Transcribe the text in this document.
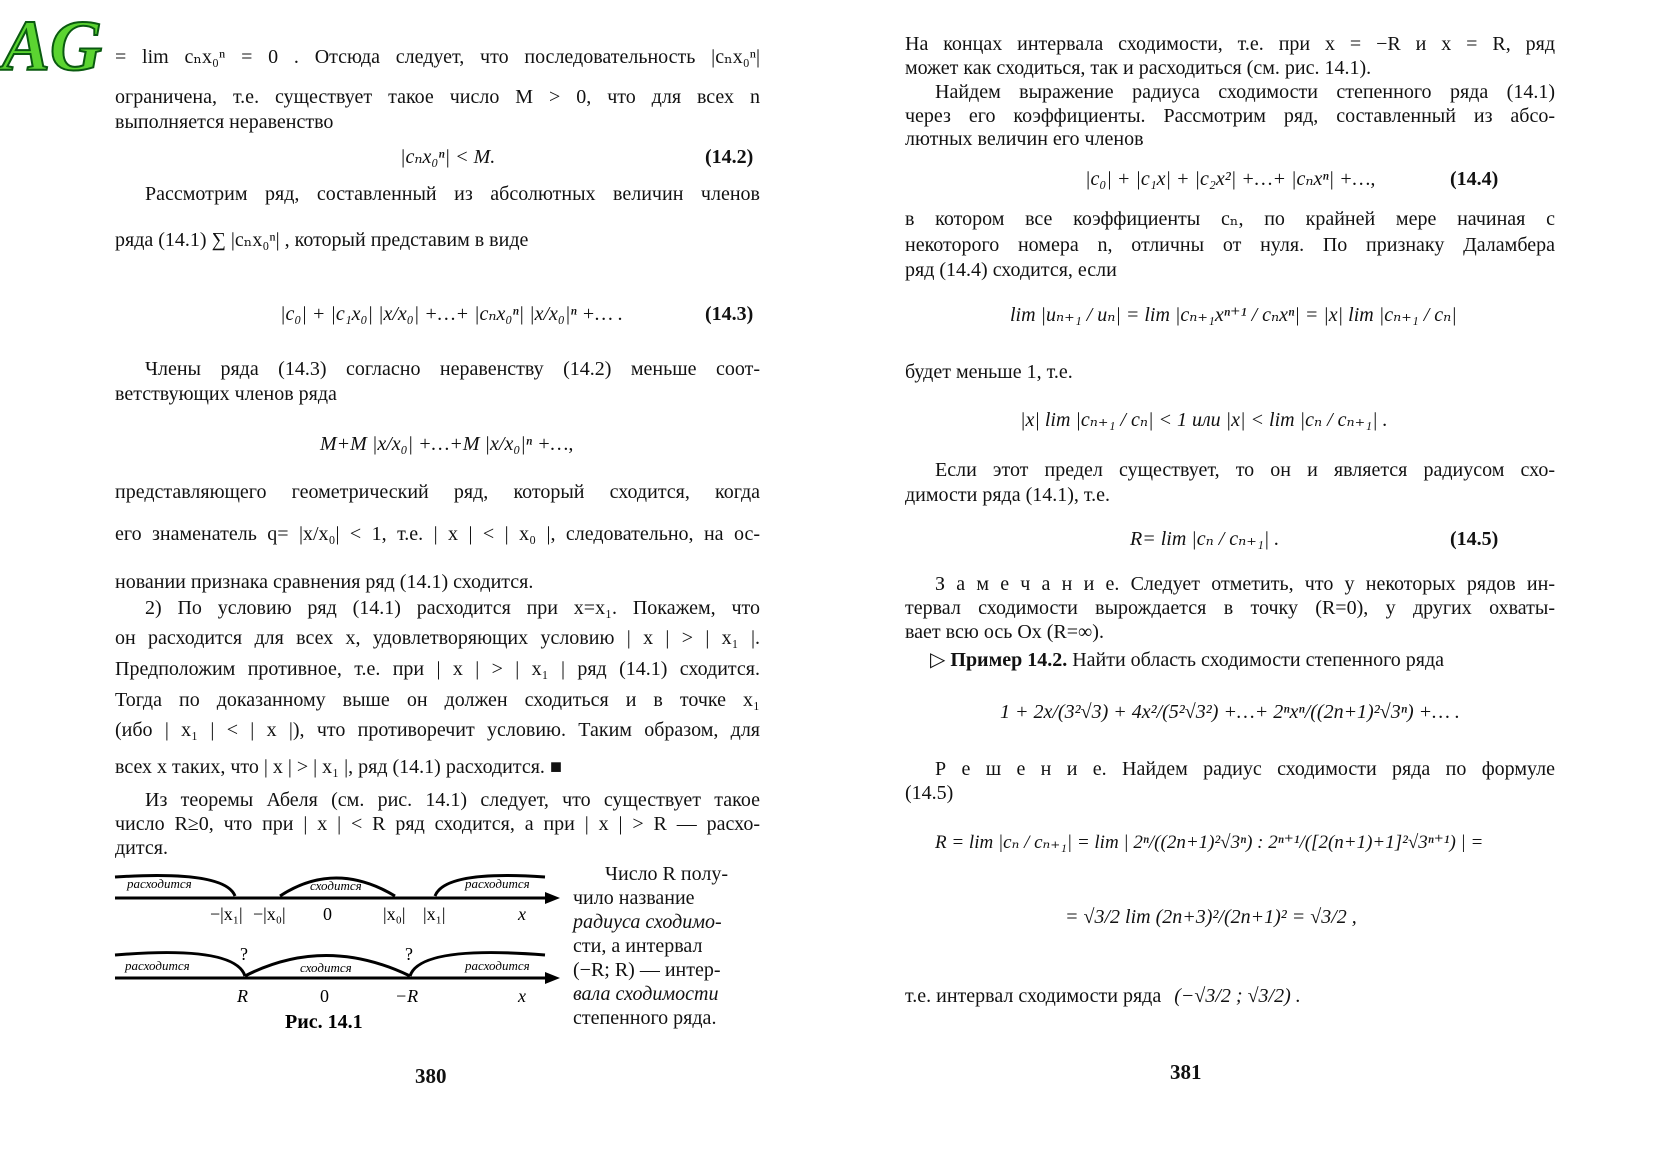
AG = lim cₙx₀ⁿ = 0 . Отсюда следует, что последовательность |cₙx₀ⁿ|
ограничена, т.е. существует такое число M > 0, что для всех n
выполняется неравенство
|cₙx₀ⁿ| < M.	(14.2)
Рассмотрим ряд, составленный из абсолютных величин членов
ряда (14.1) ∑ |cₙx₀ⁿ| , который представим в виде
|c₀| + |c₁x₀| |x/x₀| +…+ |cₙx₀ⁿ| |x/x₀|ⁿ +… .	(14.3)
Члены ряда (14.3) согласно неравенству (14.2) меньше соот-
ветствующих членов ряда
M+M |x/x₀| +…+M |x/x₀|ⁿ +…,
представляющего геометрический ряд, который сходится, когда
его знаменатель q= |x/x₀| < 1, т.е. | x | < | x₀ |, следовательно, на ос-
новании признака сравнения ряд (14.1) сходится.
2) По условию ряд (14.1) расходится при x=x₁. Покажем, что
он расходится для всех x, удовлетворяющих условию | x | > | x₁ |.
Предположим противное, т.е. при | x | > | x₁ | ряд (14.1) сходится.
Тогда по доказанному выше он должен сходиться и в точке x₁
(ибо | x₁ | < | x |), что противоречит условию. Таким образом, для
всех x таких, что | x | > | x₁ |, ряд (14.1) расходится. ■
Из теоремы Абеля (см. рис. 14.1) следует, что существует такое
число R≥0, что при | x | < R ряд сходится, а при | x | > R — расхо-
дится.
Число R полу-
чило название
радиуса сходимо-
сти, а интервал
(−R; R) — интер-
вала сходимости
степенного ряда.
расходится	сходится	расходится
расходится	сходится	расходится
−|x₁| −|x₀| 0	|x₀| |x₁|	x
?	?
R	0	−R	x
Рис. 14.1
380
На концах интервала сходимости, т.е. при x = −R и x = R, ряд
может как сходиться, так и расходиться (см. рис. 14.1).
Найдем выражение радиуса сходимости степенного ряда (14.1)
через его коэффициенты. Рассмотрим ряд, составленный из абсо-
лютных величин его членов
|c₀| + |c₁x| + |c₂x²| +…+ |cₙxⁿ| +…,	(14.4)
в котором все коэффициенты cₙ, по крайней мере начиная с
некоторого номера n, отличны от нуля. По признаку Даламбера
ряд (14.4) сходится, если
lim |uₙ₊₁ / uₙ| = lim |cₙ₊₁xⁿ⁺¹ / cₙxⁿ| = |x| lim |cₙ₊₁ / cₙ|
будет меньше 1, т.е.
|x| lim |cₙ₊₁ / cₙ| < 1 или |x| < lim |cₙ / cₙ₊₁| .
Если этот предел существует, то он и является радиусом схо-
димости ряда (14.1), т.е.
R= lim |cₙ / cₙ₊₁| .	(14.5)
З а м е ч а н и е. Следует отметить, что у некоторых рядов ин-
тервал сходимости вырождается в точку (R=0), у других охваты-
вает всю ось Ox (R=∞).
▷ Пример 14.2. Найти область сходимости степенного ряда
1 + 2x/(3²√3) + 4x²/(5²√3²) +…+ 2ⁿxⁿ/((2n+1)²√3ⁿ) +… .
Р е ш е н и е. Найдем радиус сходимости ряда по формуле
(14.5)
R = lim |cₙ / cₙ₊₁| = lim | 2ⁿ/((2n+1)²√3ⁿ) : 2ⁿ⁺¹/([2(n+1)+1]²√3ⁿ⁺¹) | =
= √3/2 lim (2n+3)²/(2n+1)² = √3/2 ,
т.е. интервал сходимости ряда (−√3/2 ; √3/2) .
381
